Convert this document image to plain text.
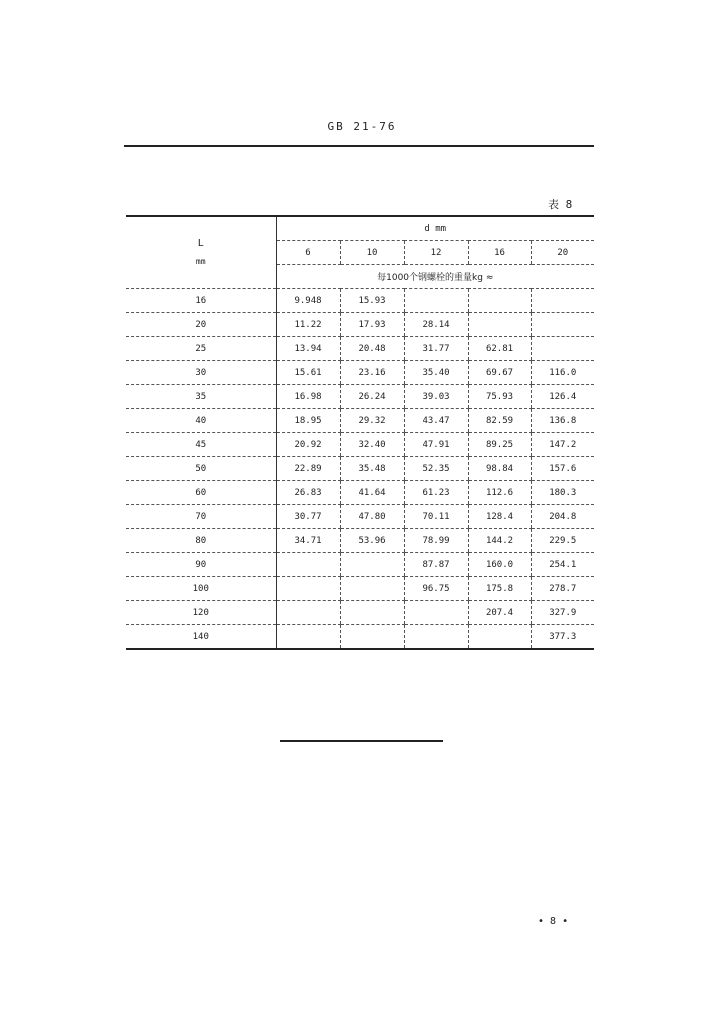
GB 21-76
表 8
L
mm	d mm				
	6	10	12	16	20
	每1000个钢螺栓的重量kg ≈				
16	9.948	15.93			
20	11.22	17.93	28.14		
25	13.94	20.48	31.77	62.81	
30	15.61	23.16	35.40	69.67	116.0
35	16.98	26.24	39.03	75.93	126.4
40	18.95	29.32	43.47	82.59	136.8
45	20.92	32.40	47.91	89.25	147.2
50	22.89	35.48	52.35	98.84	157.6
60	26.83	41.64	61.23	112.6	180.3
70	30.77	47.80	70.11	128.4	204.8
80	34.71	53.96	78.99	144.2	229.5
90			87.87	160.0	254.1
100			96.75	175.8	278.7
120				207.4	327.9
140					377.3
• 8 •
